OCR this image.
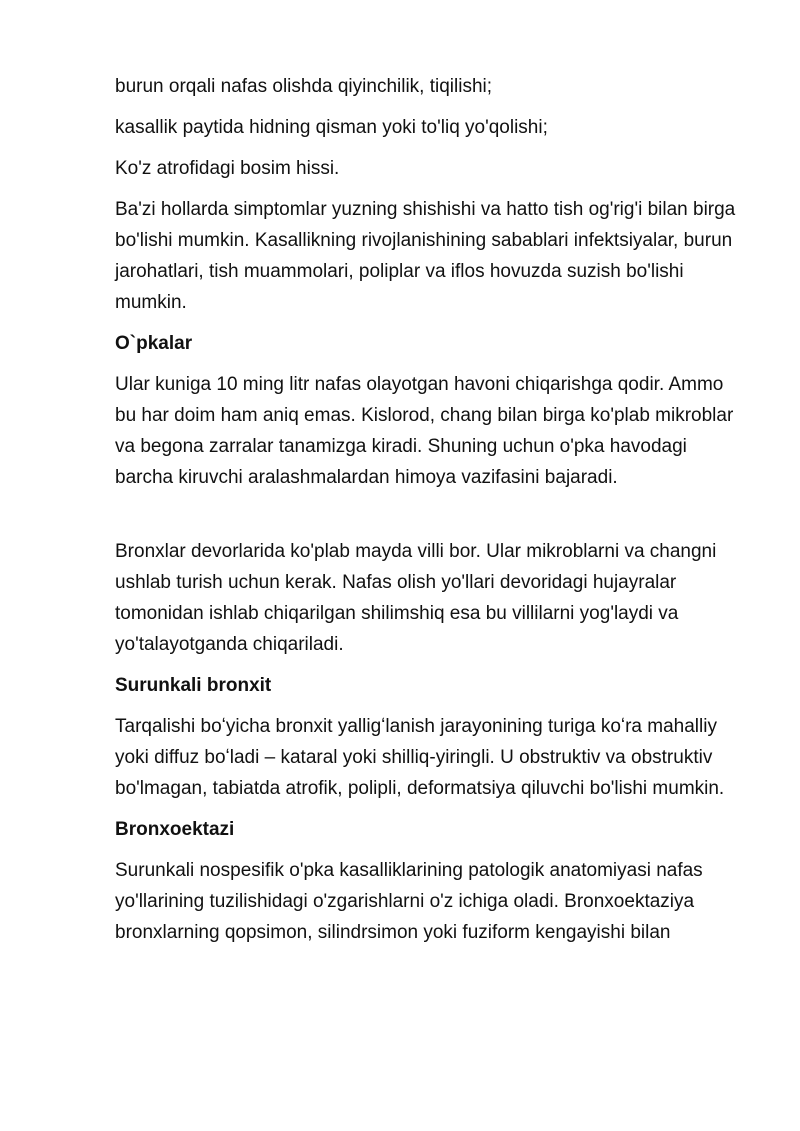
burun orqali nafas olishda qiyinchilik, tiqilishi;

kasallik paytida hidning qisman yoki to'liq yo'qolishi;

Ko'z atrofidagi bosim hissi.

Ba'zi hollarda simptomlar yuzning shishishi va hatto tish og'rig'i bilan birga bo'lishi mumkin. Kasallikning rivojlanishining sabablari infektsiyalar, burun jarohatlari, tish muammolari, poliplar va iflos hovuzda suzish bo'lishi mumkin.

O`pkalar

Ular kuniga 10 ming litr nafas olayotgan havoni chiqarishga qodir. Ammo bu har doim ham aniq emas. Kislorod, chang bilan birga ko'plab mikroblar va begona zarralar tanamizga kiradi. Shuning uchun o'pka havodagi barcha kiruvchi aralashmalardan himoya vazifasini bajaradi.

Bronxlar devorlarida ko'plab mayda villi bor. Ular mikroblarni va changni ushlab turish uchun kerak. Nafas olish yo'llari devoridagi hujayralar tomonidan ishlab chiqarilgan shilimshiq esa bu villilarni yog'laydi va yo'talayotganda chiqariladi.

Surunkali bronxit

Tarqalishi boʻyicha bronxit yalligʻlanish jarayonining turiga koʻra mahalliy yoki diffuz boʻladi – kataral yoki shilliq-yiringli. U obstruktiv va obstruktiv bo'lmagan, tabiatda atrofik, polipli, deformatsiya qiluvchi bo'lishi mumkin.

Bronxoektazi

Surunkali nospesifik o'pka kasalliklarining patologik anatomiyasi nafas yo'llarining tuzilishidagi o'zgarishlarni o'z ichiga oladi. Bronxoektaziya bronxlarning qopsimon, silindrsimon yoki fuziform kengayishi bilan
